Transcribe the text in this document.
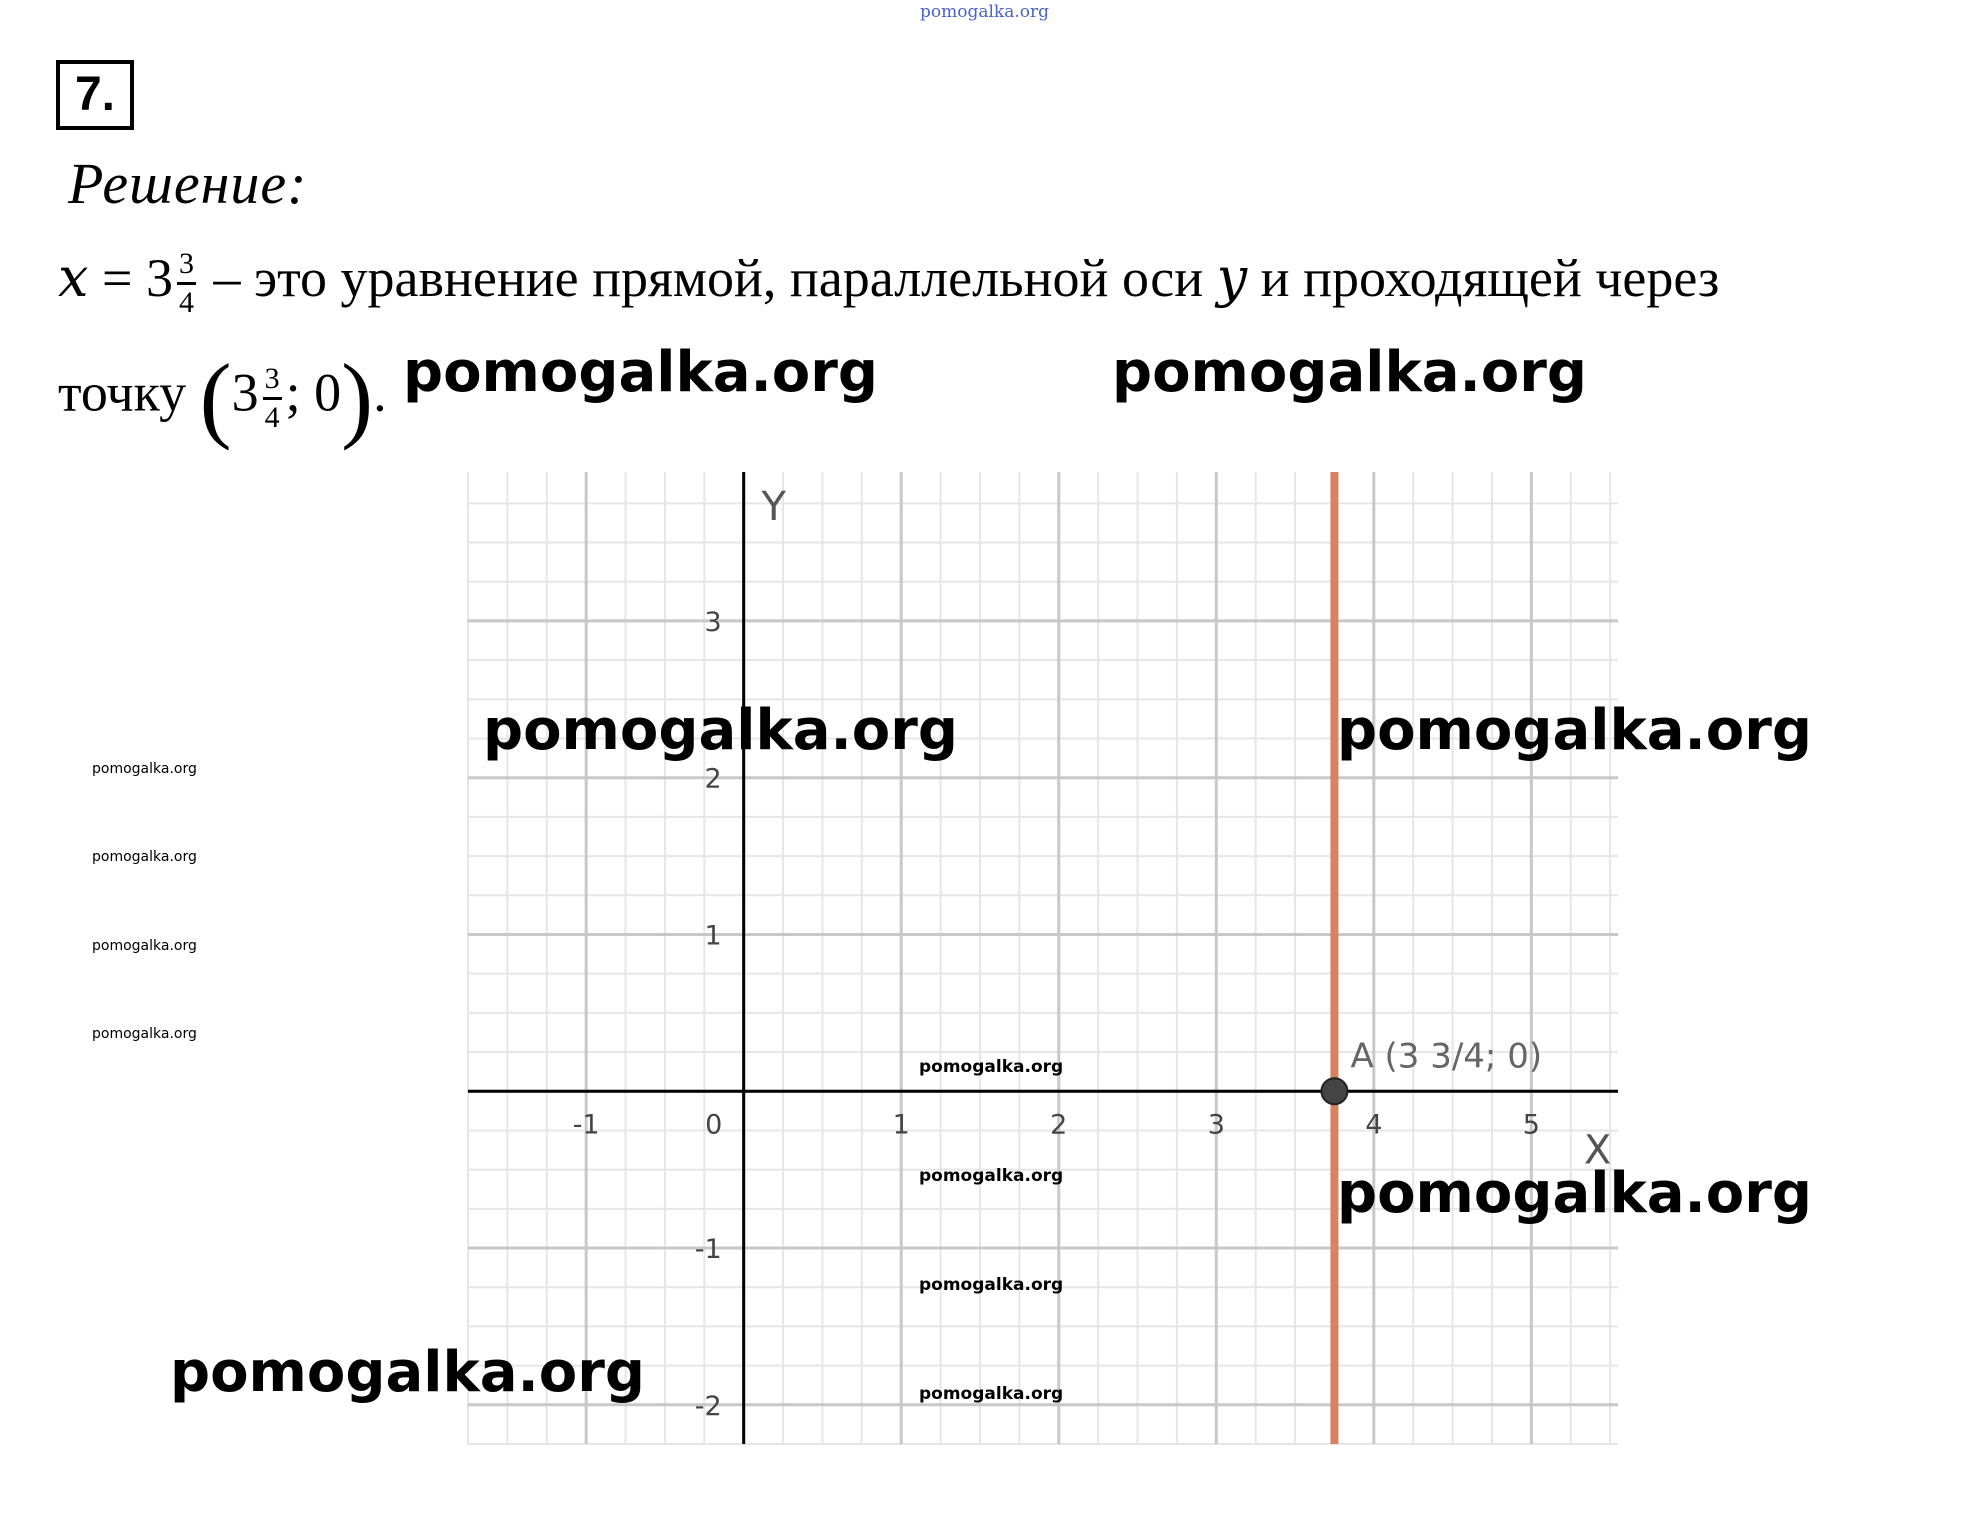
pomogalka.org
7.
Решение:
$x = 3 \frac{3}{4}$ – это уравнение прямой, параллельной оси y и проходящей через
точку ($3 \frac{3}{4}$ ; 0).
X
Y
-1	0	1	2	3	4	5
3
2
1
-1
-2
A (3 3/4; 0)
pomogalka.org	pomogalka.org
pomogalka.org	pomogalka.org
pomogalka.org
pomogalka.org
pomogalka.org
pomogalka.org
pomogalka.org
pomogalka.org
pomogalka.org
pomogalka.org
pomogalka.org
pomogalka.org
